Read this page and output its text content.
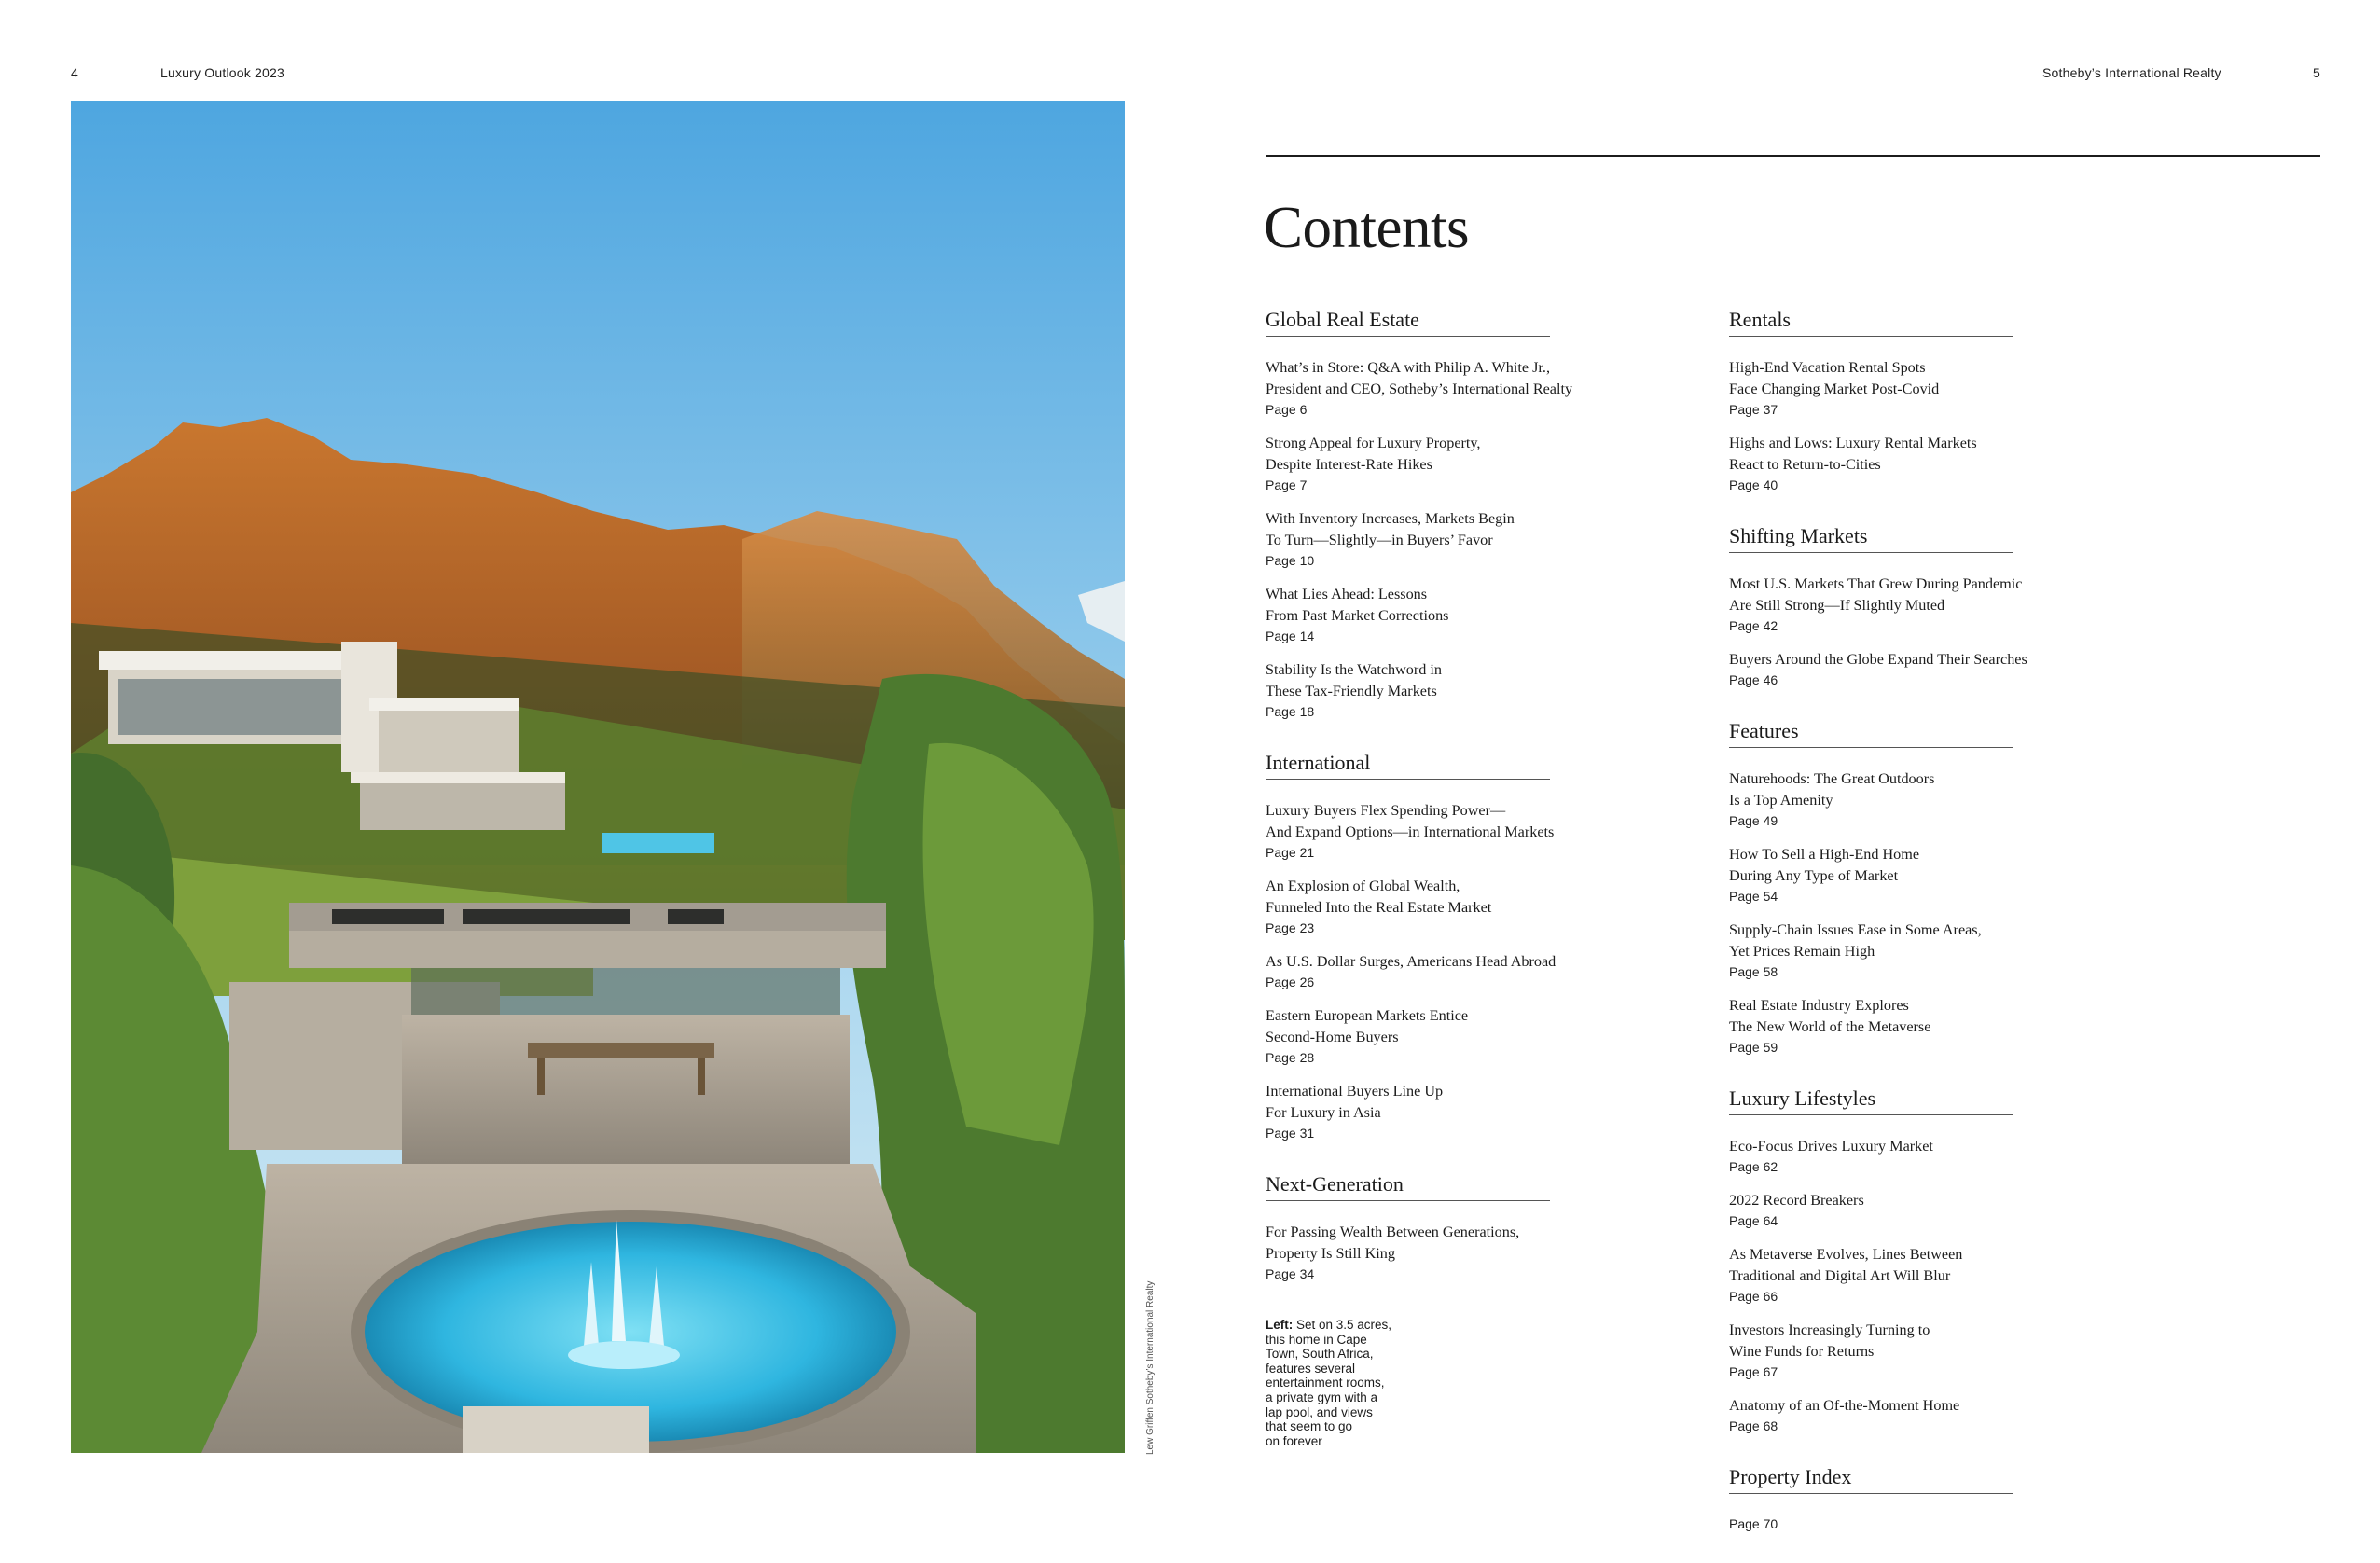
4	Luxury Outlook 2023	Sotheby’s International Realty	5
Lew Griffen Sotheby’s International Realty
Contents
Global Real Estate
What’s in Store: Q&A with Philip A. White Jr.,
President and CEO, Sotheby’s International Realty
Page 6
Strong Appeal for Luxury Property,
Despite Interest-Rate Hikes
Page 7
With Inventory Increases, Markets Begin
To Turn—Slightly—in Buyers’ Favor
Page 10
What Lies Ahead: Lessons
From Past Market Corrections
Page 14
Stability Is the Watchword in
These Tax-Friendly Markets
Page 18
International
Luxury Buyers Flex Spending Power—
And Expand Options—in International Markets
Page 21
An Explosion of Global Wealth,
Funneled Into the Real Estate Market
Page 23
As U.S. Dollar Surges, Americans Head Abroad
Page 26
Eastern European Markets Entice
Second-Home Buyers
Page 28
International Buyers Line Up
For Luxury in Asia
Page 31
Next-Generation
For Passing Wealth Between Generations,
Property Is Still King
Page 34
Rentals
High-End Vacation Rental Spots
Face Changing Market Post-Covid
Page 37
Highs and Lows: Luxury Rental Markets
React to Return-to-Cities
Page 40
Shifting Markets
Most U.S. Markets That Grew During Pandemic
Are Still Strong—If Slightly Muted
Page 42
Buyers Around the Globe Expand Their Searches
Page 46
Features
Naturehoods: The Great Outdoors
Is a Top Amenity
Page 49
How To Sell a High-End Home
During Any Type of Market
Page 54
Supply-Chain Issues Ease in Some Areas,
Yet Prices Remain High
Page 58
Real Estate Industry Explores
The New World of the Metaverse
Page 59
Luxury Lifestyles
Eco-Focus Drives Luxury Market
Page 62
2022 Record Breakers
Page 64
As Metaverse Evolves, Lines Between
Traditional and Digital Art Will Blur
Page 66
Investors Increasingly Turning to
Wine Funds for Returns
Page 67
Anatomy of an Of-the-Moment Home
Page 68
Property Index
Page 70
Left: Set on 3.5 acres,
this home in Cape
Town, South Africa,
features several
entertainment rooms,
a private gym with a
lap pool, and views
that seem to go
on forever
